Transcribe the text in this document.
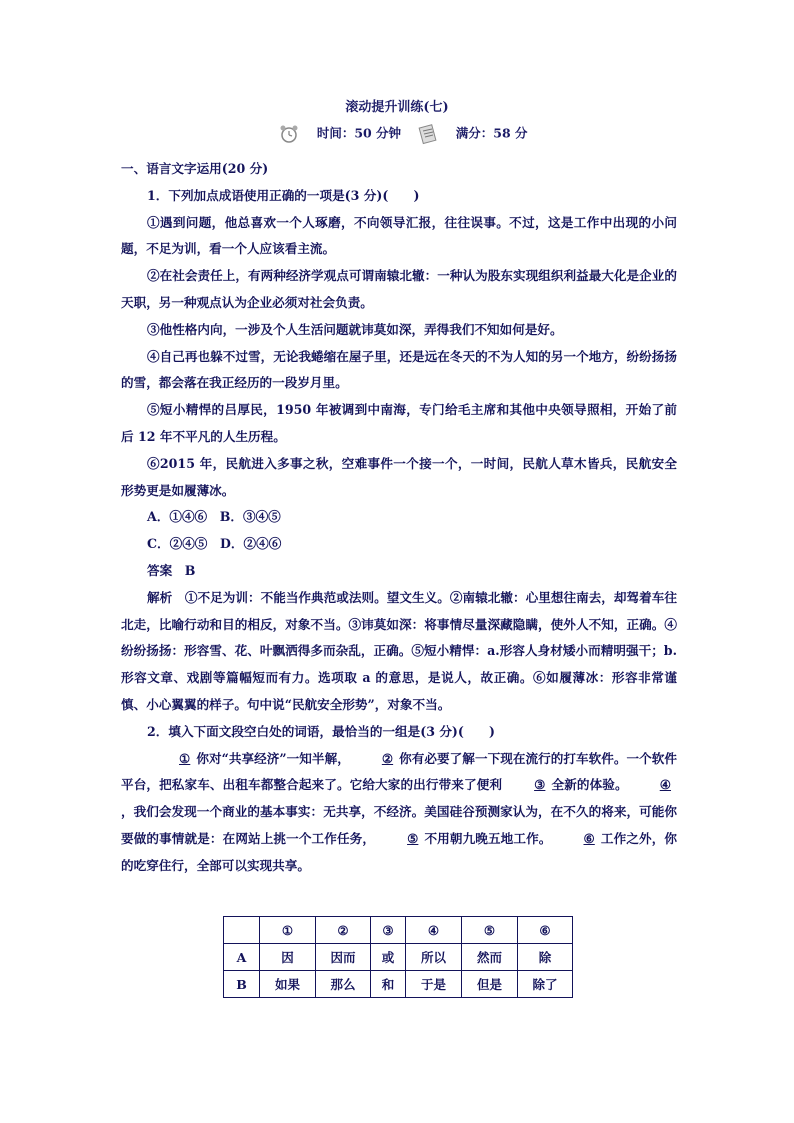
滚动提升训练(七)
时间：50 分钟	满分：58 分

一、语言文字运用(20 分)

1．下列加点成语使用正确的一项是(3 分)(　　)

①遇到问题，他总喜欢一个人琢磨，不向领导汇报，往往误事。不过，这是工作中出现的小问题，不足为训，看一个人应该看主流。

②在社会责任上，有两种经济学观点可谓南辕北辙：一种认为股东实现组织利益最大化是企业的天职，另一种观点认为企业必须对社会负责。

③他性格内向，一涉及个人生活问题就讳莫如深，弄得我们不知如何是好。

④自己再也躲不过雪，无论我蜷缩在屋子里，还是远在冬天的不为人知的另一个地方，纷纷扬扬的雪，都会落在我正经历的一段岁月里。

⑤短小精悍的吕厚民，1950 年被调到中南海，专门给毛主席和其他中央领导照相，开始了前后 12 年不平凡的人生历程。

⑥2015 年，民航进入多事之秋，空难事件一个接一个，一时间，民航人草木皆兵，民航安全形势更是如履薄冰。

A．①④⑥　B．③④⑤

C．②④⑤　D．②④⑥

答案　B

解析　①不足为训：不能当作典范或法则。望文生义。②南辕北辙：心里想往南去，却驾着车往北走，比喻行动和目的相反，对象不当。③讳莫如深：将事情尽量深藏隐瞒，使外人不知，正确。④纷纷扬扬：形容雪、花、叶飘洒得多而杂乱，正确。⑤短小精悍：a.形容人身材矮小而精明强干；b.形容文章、戏剧等篇幅短而有力。选项取 a 的意思，是说人，故正确。⑥如履薄冰：形容非常谨慎、小心翼翼的样子。句中说“民航安全形势”，对象不当。

2．填入下面文段空白处的词语，最恰当的一组是(3 分)(　　)

① 你对“共享经济”一知半解，	② 你有必要了解一下现在流行的打车软件。一个软件平台，把私家车、出租车都整合起来了。它给大家的出行带来了便利	③ 全新的体验。	④，我们会发现一个商业的基本事实：无共享，不经济。美国硅谷预测家认为，在不久的将来，可能你要做的事情就是：在网站上挑一个工作任务，	⑤ 不用朝九晚五地工作。	⑥ 工作之外，你的吃穿住行，全部可以实现共享。

	①	②	③	④	⑤	⑥
A	因	因而	或	所以	然而	除
B	如果	那么	和	于是	但是	除了
